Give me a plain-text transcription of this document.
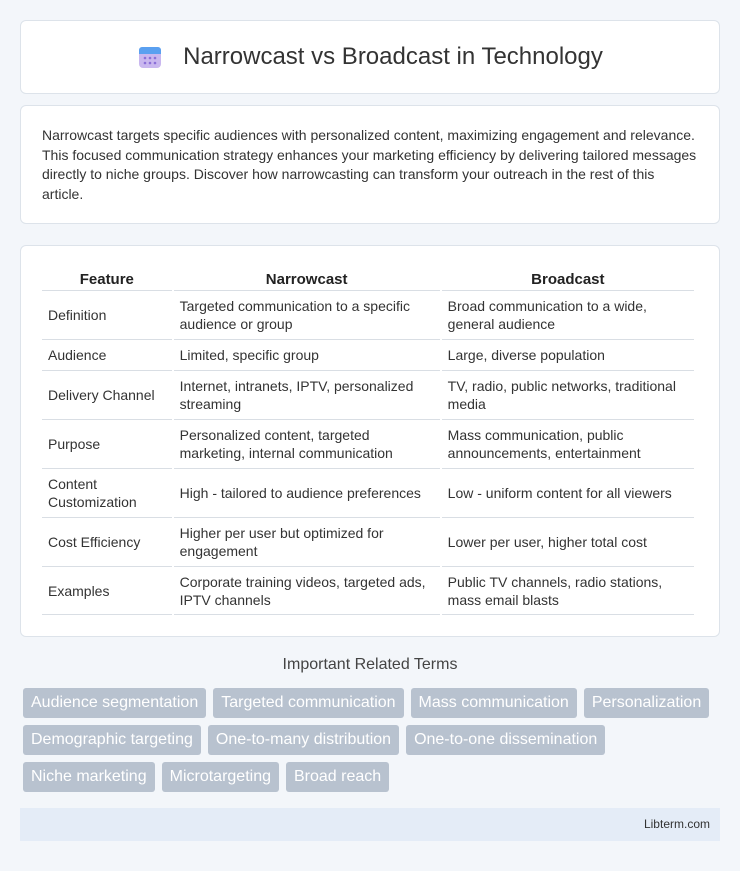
Narrowcast vs Broadcast in Technology

Narrowcast targets specific audiences with personalized content, maximizing engagement and relevance. This focused communication strategy enhances your marketing efficiency by delivering tailored messages directly to niche groups. Discover how narrowcasting can transform your outreach in the rest of this article.

Feature	Narrowcast	Broadcast
Definition	Targeted communication to a specific audience or group	Broad communication to a wide, general audience
Audience	Limited, specific group	Large, diverse population
Delivery Channel	Internet, intranets, IPTV, personalized streaming	TV, radio, public networks, traditional media
Purpose	Personalized content, targeted marketing, internal communication	Mass communication, public announcements, entertainment
Content Customization	High - tailored to audience preferences	Low - uniform content for all viewers
Cost Efficiency	Higher per user but optimized for engagement	Lower per user, higher total cost
Examples	Corporate training videos, targeted ads, IPTV channels	Public TV channels, radio stations, mass email blasts
Important Related Terms
Audience segmentation	Targeted communication	Mass communication	Personalization
Demographic targeting	One-to-many distribution	One-to-one dissemination
Niche marketing	Microtargeting	Broad reach
Libterm.com
